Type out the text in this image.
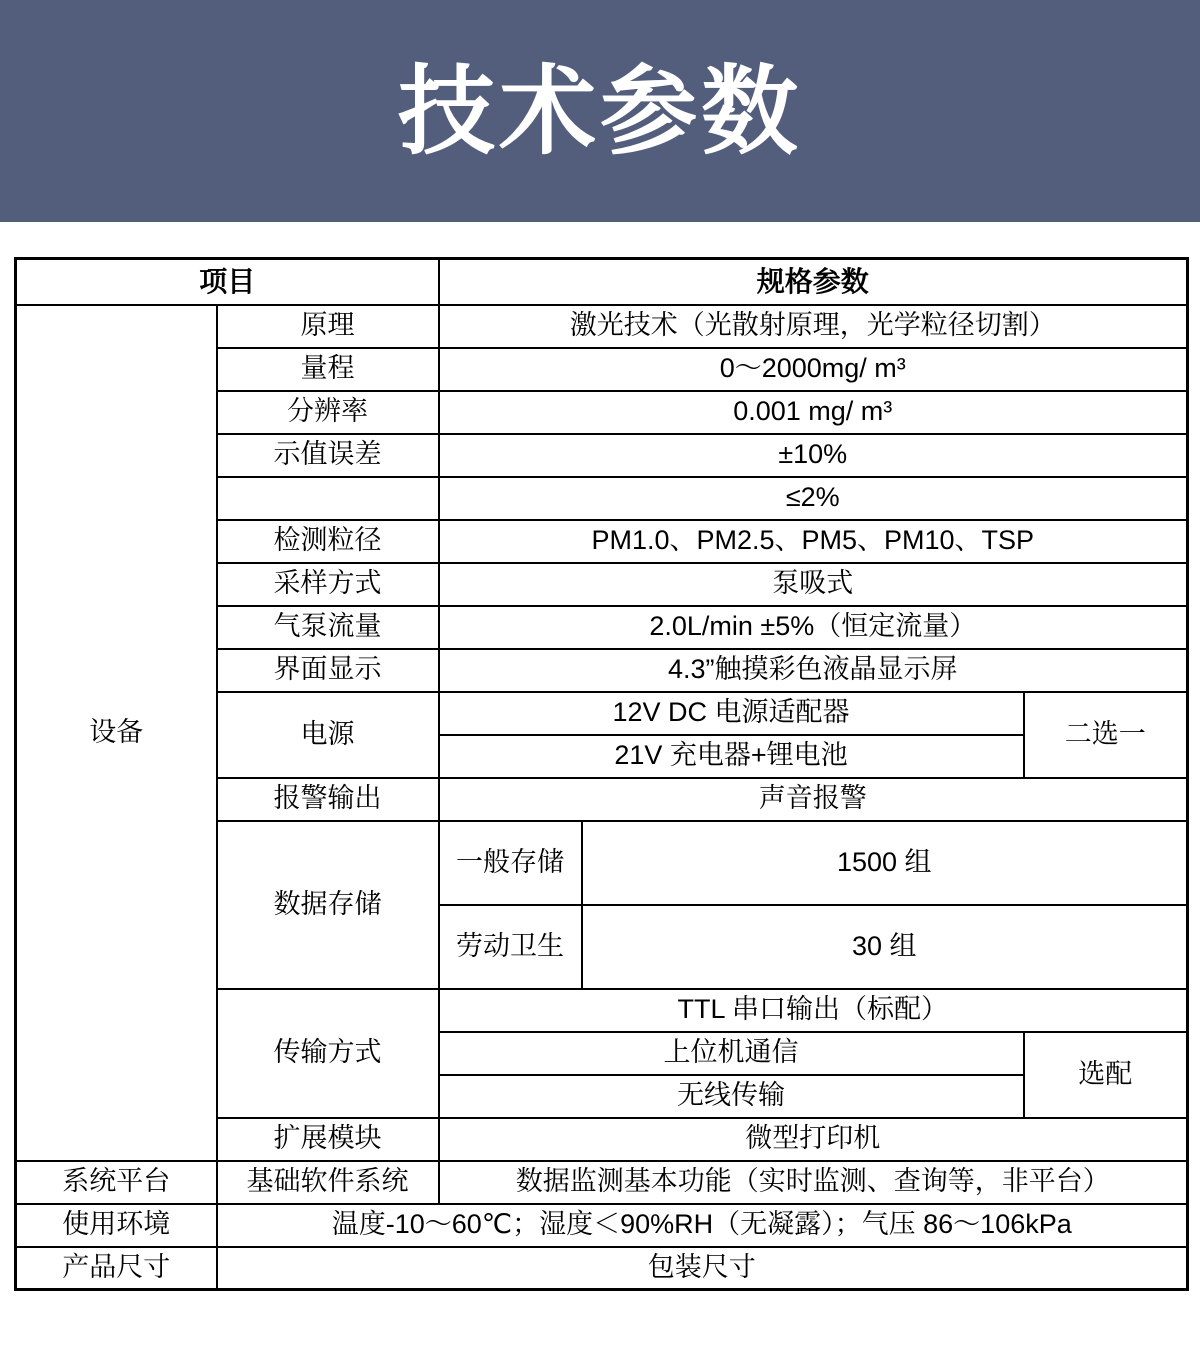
技术参数
项目		规格参数		
设备	原理	激光技术（光散射原理，光学粒径切割）		
	量程	0～2000mg/ m³		
	分辨率	0.001 mg/ m³		
	示值误差	±10%		
		≤2%		
	检测粒径	PM1.0、PM2.5、PM5、PM10、TSP		
	采样方式	泵吸式		
	气泵流量	2.0L/min ±5%（恒定流量）		
	界面显示	4.3”触摸彩色液晶显示屏		
	电源	12V DC 电源适配器		二选一
		21V 充电器+锂电池		
	报警输出	声音报警		
	数据存储	一般存储	1500 组	
		劳动卫生	30 组	
	传输方式	TTL 串口输出（标配）		
		上位机通信		选配
		无线传输		
	扩展模块	微型打印机		
系统平台	基础软件系统	数据监测基本功能（实时监测、查询等，非平台）		
使用环境	温度-10～60℃；湿度＜90%RH（无凝露）；气压 86～106kPa			
产品尺寸	包装尺寸			
